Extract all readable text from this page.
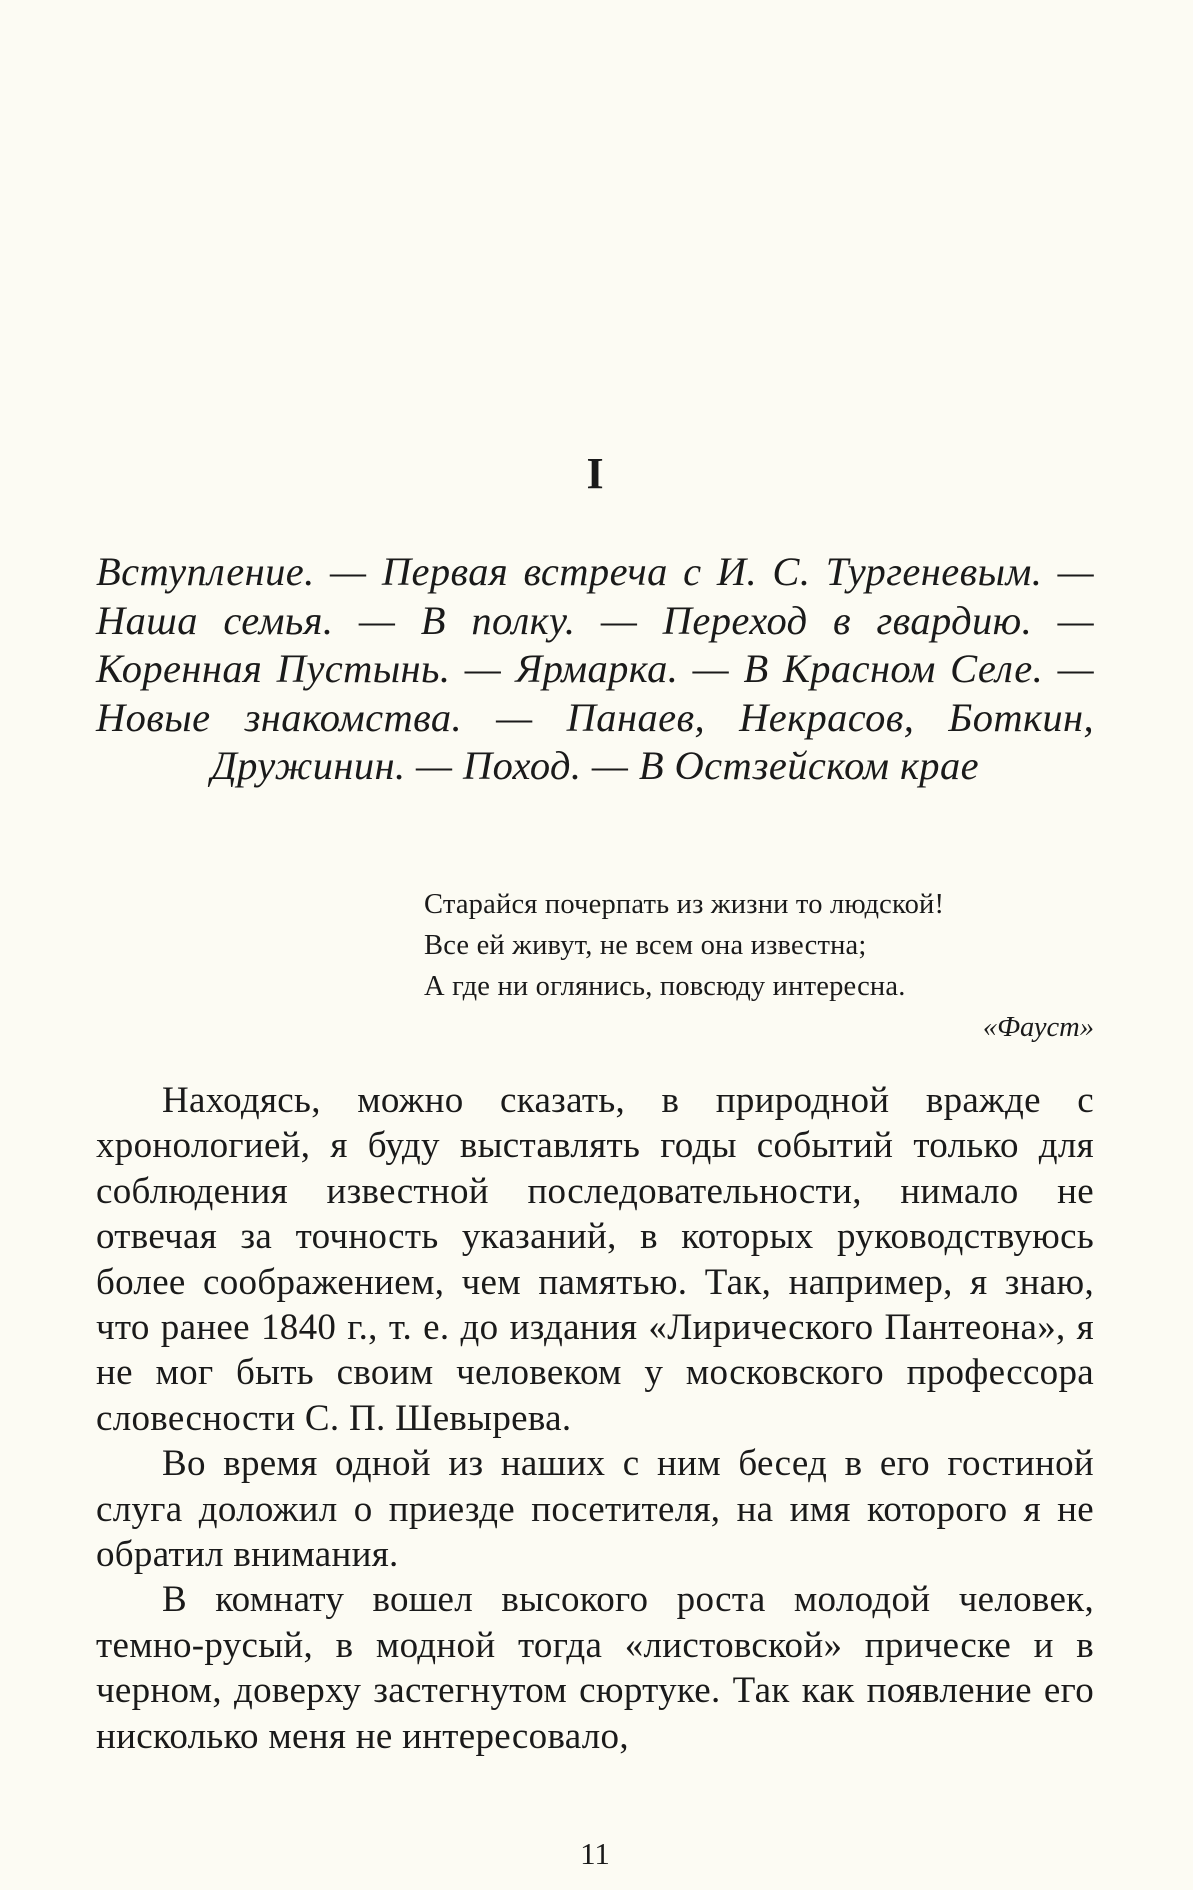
I

Вступление. — Первая встреча с И. С. Тургеневым. — Наша семья. — В полку. — Переход в гвардию. — Коренная Пустынь. — Ярмарка. — В Красном Селе. — Новые знакомства. — Панаев, Некрасов, Боткин, Дружинин. — Поход. — В Остзейском крае

Старайся почерпать из жизни то людской!
Все ей живут, не всем она известна;
А где ни оглянись, повсюду интересна.
«Фауст»

Находясь, можно сказать, в природной вражде с хронологией, я буду выставлять годы событий только для соблюдения известной последовательности, нимало не отвечая за точность указаний, в которых руководствуюсь более соображением, чем памятью. Так, например, я знаю, что ранее 1840 г., т. е. до издания «Лирического Пантеона», я не мог быть своим человеком у московского профессора словесности С. П. Шевырева.

Во время одной из наших с ним бесед в его гостиной слуга доложил о приезде посетителя, на имя которого я не обратил внимания.

В комнату вошел высокого роста молодой человек, темно-русый, в модной тогда «листовской» прическе и в черном, доверху застегнутом сюртуке. Так как появление его нисколько меня не интересовало,

11
